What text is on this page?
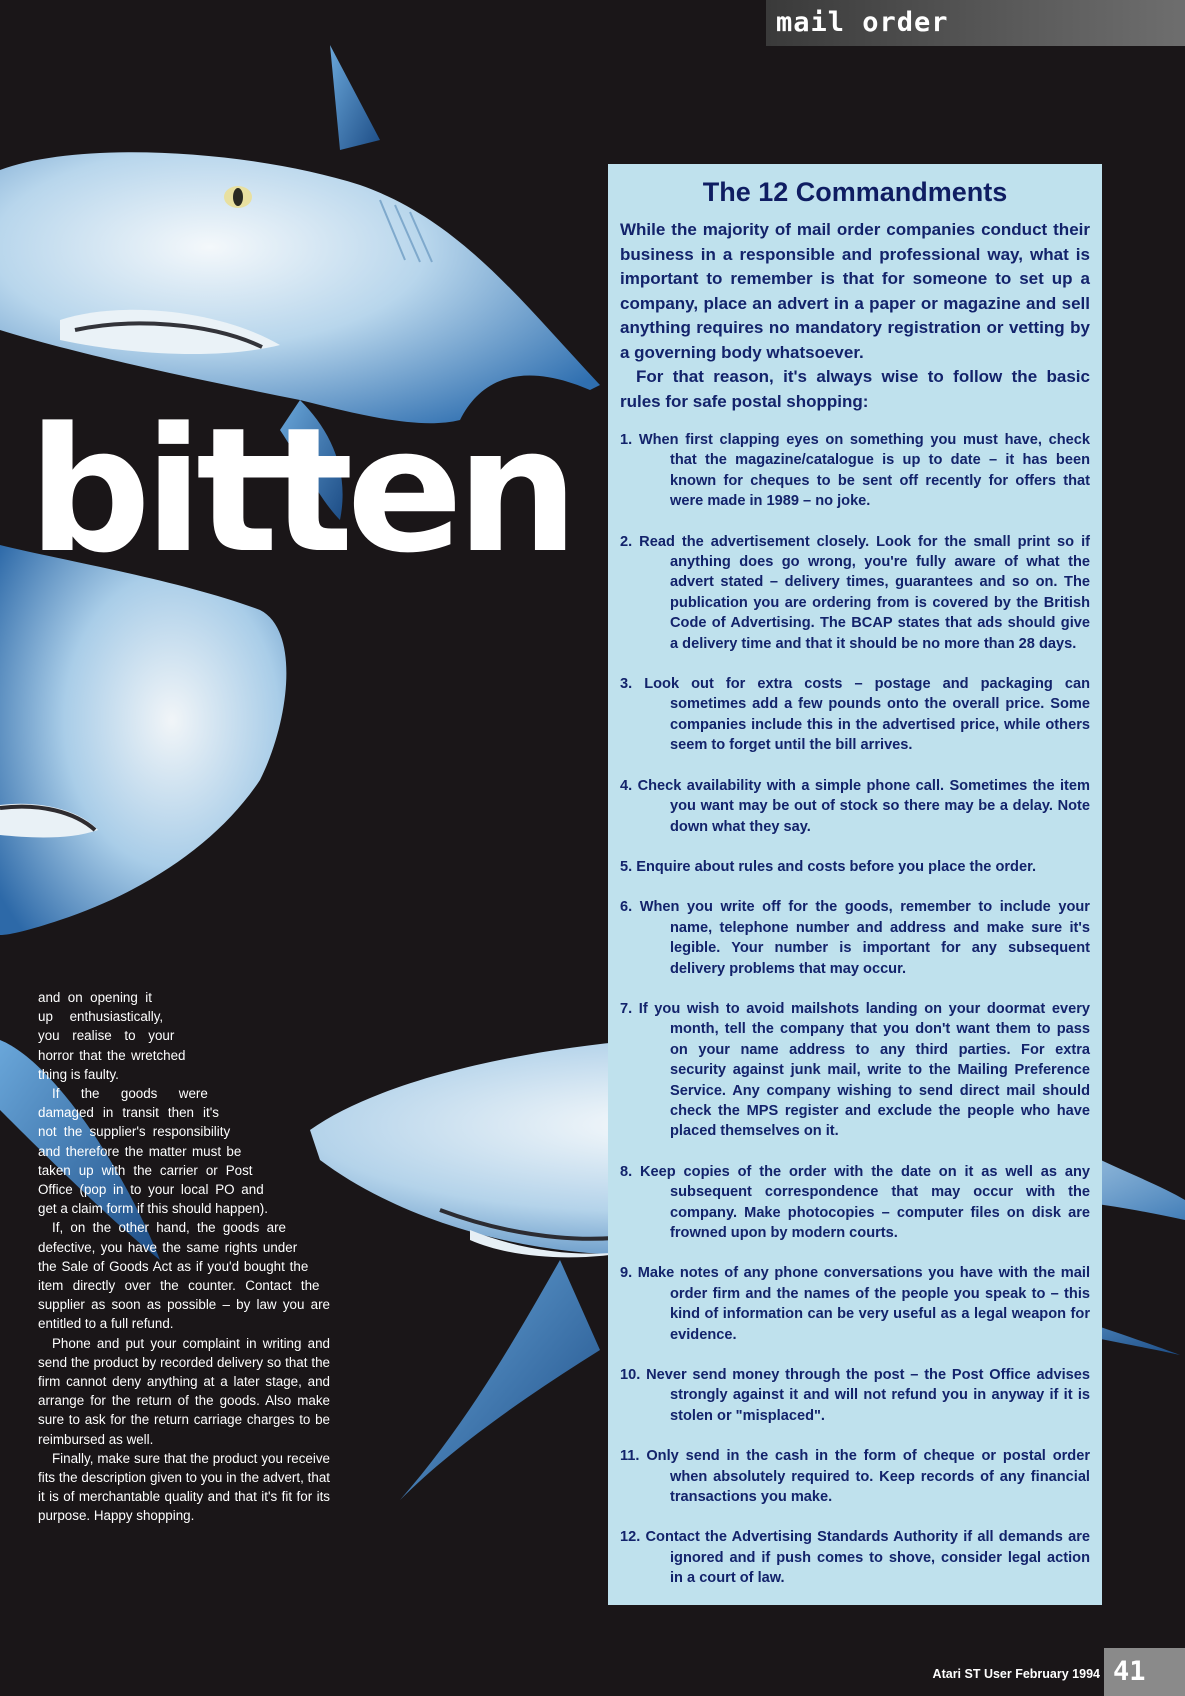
mail order
bitten

and on opening it up enthusiastically, you realise to your horror that the wretched thing is faulty.

If the goods were damaged in transit then it's not the supplier's responsibility and therefore the matter must be taken up with the carrier or Post Office (pop in to your local PO and get a claim form if this should happen).

If, on the other hand, the goods are defective, you have the same rights under the Sale of Goods Act as if you'd bought the item directly over the counter. Contact the supplier as soon as possible – by law you are entitled to a full refund.

Phone and put your complaint in writing and send the product by recorded delivery so that the firm cannot deny anything at a later stage, and arrange for the return of the goods. Also make sure to ask for the return carriage charges to be reimbursed as well.

Finally, make sure that the product you receive fits the description given to you in the advert, that it is of merchantable quality and that it's fit for its purpose. Happy shopping.

The 12 Commandments

While the majority of mail order companies conduct their business in a responsible and professional way, what is important to remember is that for someone to set up a company, place an advert in a paper or magazine and sell anything requires no mandatory registration or vetting by a governing body whatsoever.

For that reason, it's always wise to follow the basic rules for safe postal shopping:

1. When first clapping eyes on something you must have, check that the magazine/catalogue is up to date – it has been known for cheques to be sent off recently for offers that were made in 1989 – no joke.
2. Read the advertisement closely. Look for the small print so if anything does go wrong, you're fully aware of what the advert stated – delivery times, guarantees and so on. The publication you are ordering from is covered by the British Code of Advertising. The BCAP states that ads should give a delivery time and that it should be no more than 28 days.
3. Look out for extra costs – postage and packaging can sometimes add a few pounds onto the overall price. Some companies include this in the advertised price, while others seem to forget until the bill arrives.
4. Check availability with a simple phone call. Sometimes the item you want may be out of stock so there may be a delay. Note down what they say.
5. Enquire about rules and costs before you place the order.
6. When you write off for the goods, remember to include your name, telephone number and address and make sure it's legible. Your number is important for any subsequent delivery problems that may occur.
7. If you wish to avoid mailshots landing on your doormat every month, tell the company that you don't want them to pass on your name address to any third parties. For extra security against junk mail, write to the Mailing Preference Service. Any company wishing to send direct mail should check the MPS register and exclude the people who have placed themselves on it.
8. Keep copies of the order with the date on it as well as any subsequent correspondence that may occur with the company. Make photocopies – computer files on disk are frowned upon by modern courts.
9. Make notes of any phone conversations you have with the mail order firm and the names of the people you speak to – this kind of information can be very useful as a legal weapon for evidence.
10. Never send money through the post – the Post Office advises strongly against it and will not refund you in anyway if it is stolen or "misplaced".
11. Only send in the cash in the form of cheque or postal order when absolutely required to. Keep records of any financial transactions you make.
12. Contact the Advertising Standards Authority if all demands are ignored and if push comes to shove, consider legal action in a court of law.
Atari ST User February 1994 41
